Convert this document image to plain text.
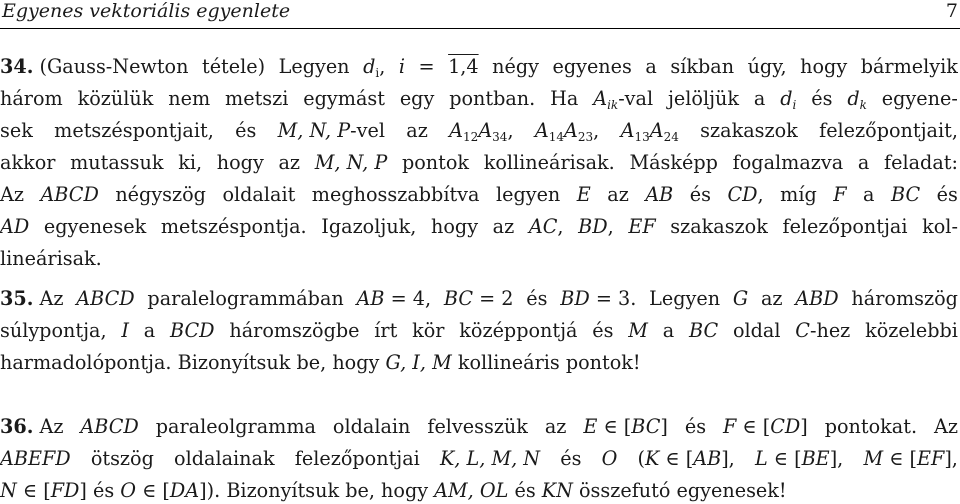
Egyenes vektoriális egyenlete	7
34. (Gauss-Newton tétele) Legyen $d_i$, i = 1,4 négy egyenes a síkban úgy, hogy bármelyik
három közülük nem metszi egymást egy pontban. Ha $A_{ik}$-val jelöljük a $d_i$ és $d_k$ egyene-
sek metszéspontjait, és M, N, P-vel az $A_{12}A_{34}$, $A_{14}A_{23}$, $A_{13}A_{24}$ szakaszok felezőpontjait,
akkor mutassuk ki, hogy az M, N, P pontok kollineárisak. Másképp fogalmazva a feladat:
Az ABCD négyszög oldalait meghosszabbítva legyen E az AB és CD, míg F a BC és
AD egyenesek metszéspontja. Igazoljuk, hogy az AC, BD, EF szakaszok felezőpontjai kol-
lineárisak.
35. Az ABCD paralelogrammában AB = 4, BC = 2 és BD = 3. Legyen G az ABD háromszög
súlypontja, I a BCD háromszögbe írt kör középpontjá és M a BC oldal C-hez közelebbi
harmadolópontja. Bizonyítsuk be, hogy G, I, M kollineáris pontok!
36. Az ABCD paraleolgramma oldalain felvesszük az E ∈ [BC] és F ∈ [CD] pontokat. Az
ABEFD ötszög oldalainak felezőpontjai K, L, M, N és O (K ∈ [AB], L ∈ [BE], M ∈ [EF],
N ∈ [FD] és O ∈ [DA]). Bizonyítsuk be, hogy AM, OL és KN összefutó egyenesek!
